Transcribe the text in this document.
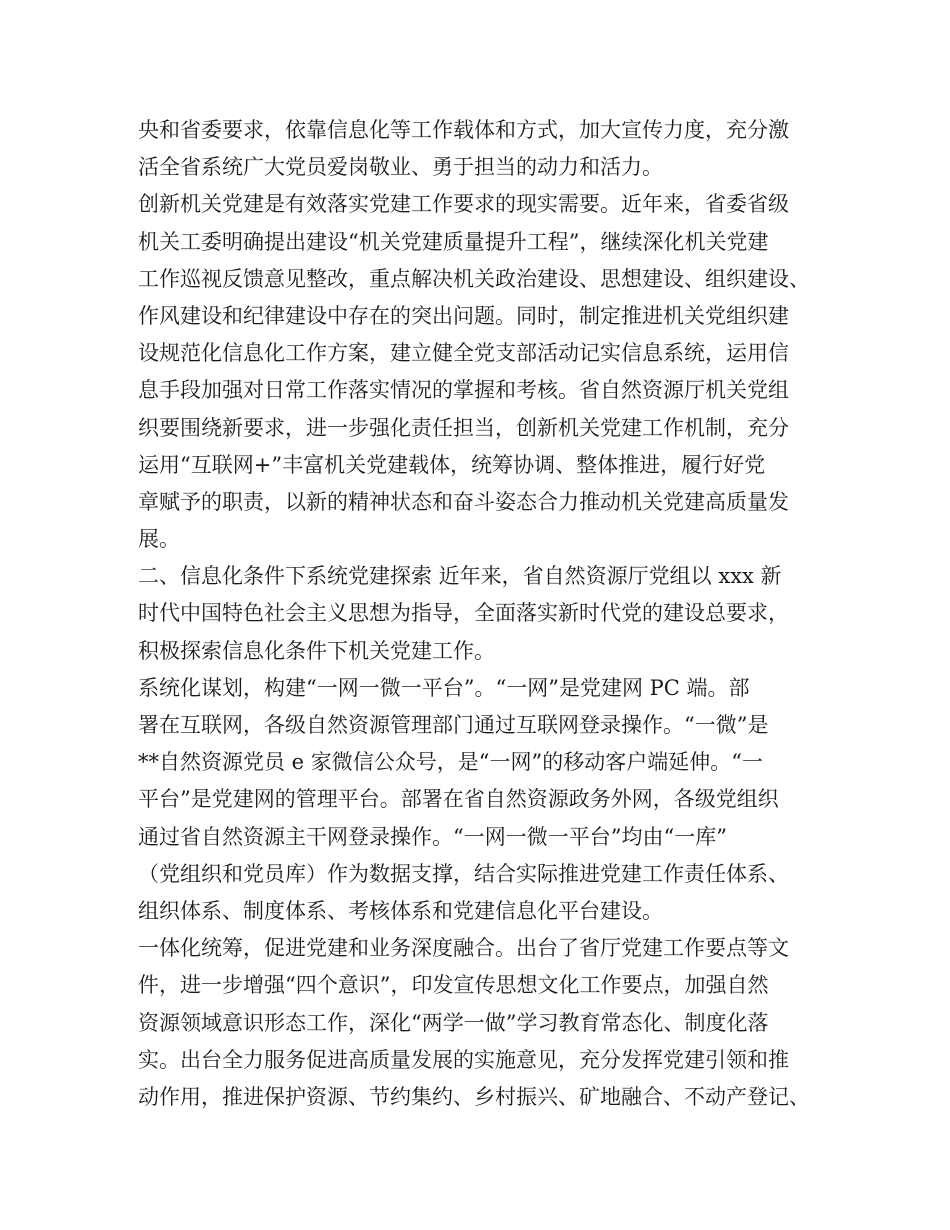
央和省委要求，依靠信息化等工作载体和方式，加大宣传力度，充分激
活全省系统广大党员爱岗敬业、勇于担当的动力和活力。
创新机关党建是有效落实党建工作要求的现实需要。近年来，省委省级
机关工委明确提出建设“机关党建质量提升工程”，继续深化机关党建
工作巡视反馈意见整改，重点解决机关政治建设、思想建设、组织建设、
作风建设和纪律建设中存在的突出问题。同时，制定推进机关党组织建
设规范化信息化工作方案，建立健全党支部活动记实信息系统，运用信
息手段加强对日常工作落实情况的掌握和考核。省自然资源厅机关党组
织要围绕新要求，进一步强化责任担当，创新机关党建工作机制，充分
运用“互联网+”丰富机关党建载体，统筹协调、整体推进，履行好党
章赋予的职责，以新的精神状态和奋斗姿态合力推动机关党建高质量发
展。
二、信息化条件下系统党建探索 近年来，省自然资源厅党组以 xxx 新
时代中国特色社会主义思想为指导，全面落实新时代党的建设总要求，
积极探索信息化条件下机关党建工作。
系统化谋划，构建“一网一微一平台”。“一网”是党建网 PC 端。部
署在互联网，各级自然资源管理部门通过互联网登录操作。“一微”是
**自然资源党员 e 家微信公众号，是“一网”的移动客户端延伸。“一
平台”是党建网的管理平台。部署在省自然资源政务外网，各级党组织
通过省自然资源主干网登录操作。“一网一微一平台”均由“一库”
（党组织和党员库）作为数据支撑，结合实际推进党建工作责任体系、
组织体系、制度体系、考核体系和党建信息化平台建设。
一体化统筹，促进党建和业务深度融合。出台了省厅党建工作要点等文
件，进一步增强“四个意识”，印发宣传思想文化工作要点，加强自然
资源领域意识形态工作，深化“两学一做”学习教育常态化、制度化落
实。出台全力服务促进高质量发展的实施意见，充分发挥党建引领和推
动作用，推进保护资源、节约集约、乡村振兴、矿地融合、不动产登记、
